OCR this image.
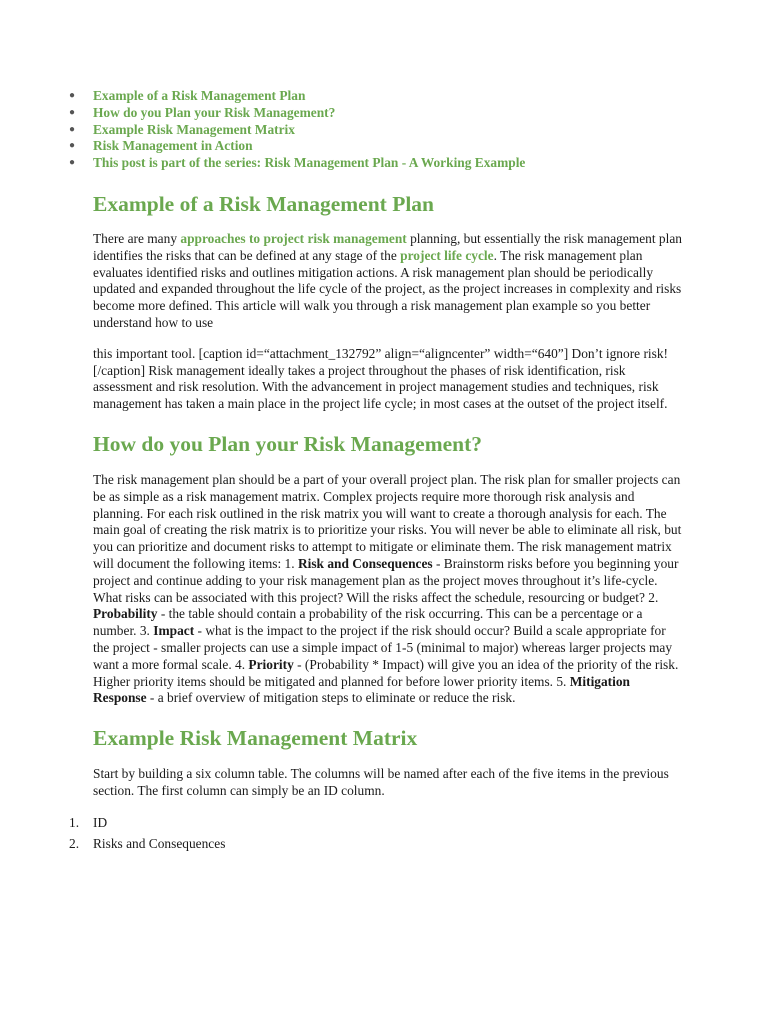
● Example of a Risk Management Plan
● How do you Plan your Risk Management?
● Example Risk Management Matrix
● Risk Management in Action
● This post is part of the series: Risk Management Plan - A Working Example
Example of a Risk Management Plan

There are many approaches to project risk management planning, but essentially the risk management plan identifies the risks that can be defined at any stage of the project life cycle. The risk management plan evaluates identified risks and outlines mitigation actions. A risk management plan should be periodically updated and expanded throughout the life cycle of the project, as the project increases in complexity and risks become more defined. This article will walk you through a risk management plan example so you better understand how to use

this important tool. [caption id=“attachment_132792” align=“aligncenter” width=“640”] Don’t ignore risk![/caption] Risk management ideally takes a project throughout the phases of risk identification, risk assessment and risk resolution. With the advancement in project management studies and techniques, risk management has taken a main place in the project life cycle; in most cases at the outset of the project itself.

How do you Plan your Risk Management?

The risk management plan should be a part of your overall project plan. The risk plan for smaller projects can be as simple as a risk management matrix. Complex projects require more thorough risk analysis and planning. For each risk outlined in the risk matrix you will want to create a thorough analysis for each. The main goal of creating the risk matrix is to prioritize your risks. You will never be able to eliminate all risk, but you can prioritize and document risks to attempt to mitigate or eliminate them. The risk management matrix will document the following items: 1. Risk and Consequences - Brainstorm risks before you beginning your project and continue adding to your risk management plan as the project moves throughout it’s life-cycle. What risks can be associated with this project? Will the risks affect the schedule, resourcing or budget? 2. Probability - the table should contain a probability of the risk occurring. This can be a percentage or a number. 3. Impact - what is the impact to the project if the risk should occur? Build a scale appropriate for the project - smaller projects can use a simple impact of 1-5 (minimal to major) whereas larger projects may want a more formal scale. 4. Priority - (Probability * Impact) will give you an idea of the priority of the risk. Higher priority items should be mitigated and planned for before lower priority items. 5. Mitigation Response - a brief overview of mitigation steps to eliminate or reduce the risk.

Example Risk Management Matrix

Start by building a six column table. The columns will be named after each of the five items in the previous section. The first column can simply be an ID column.

1. ID
2. Risks and Consequences
